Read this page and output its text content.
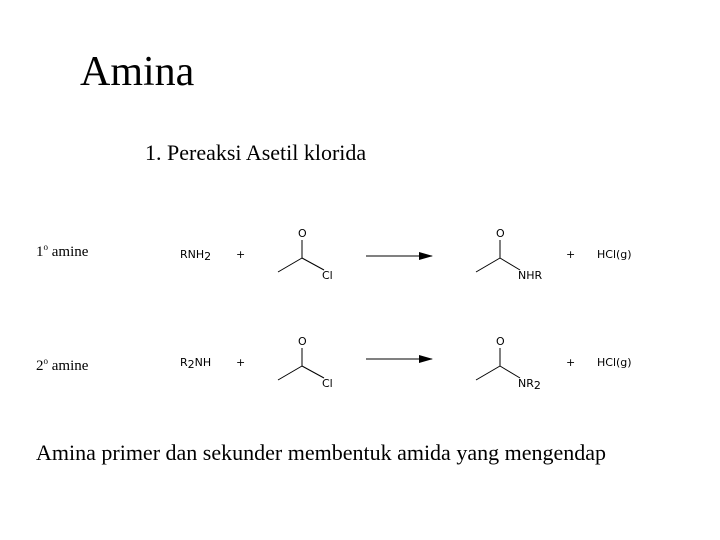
Amina
1. Pereaksi Asetil klorida
1$^o$ amine
2$^o$ amine
RNH2 +
O
Cl
O
NHR
+ HCl(g)
R2NH +
O
Cl
O
NR2
+ HCl(g)
Amina primer dan sekunder membentuk amida yang mengendap
